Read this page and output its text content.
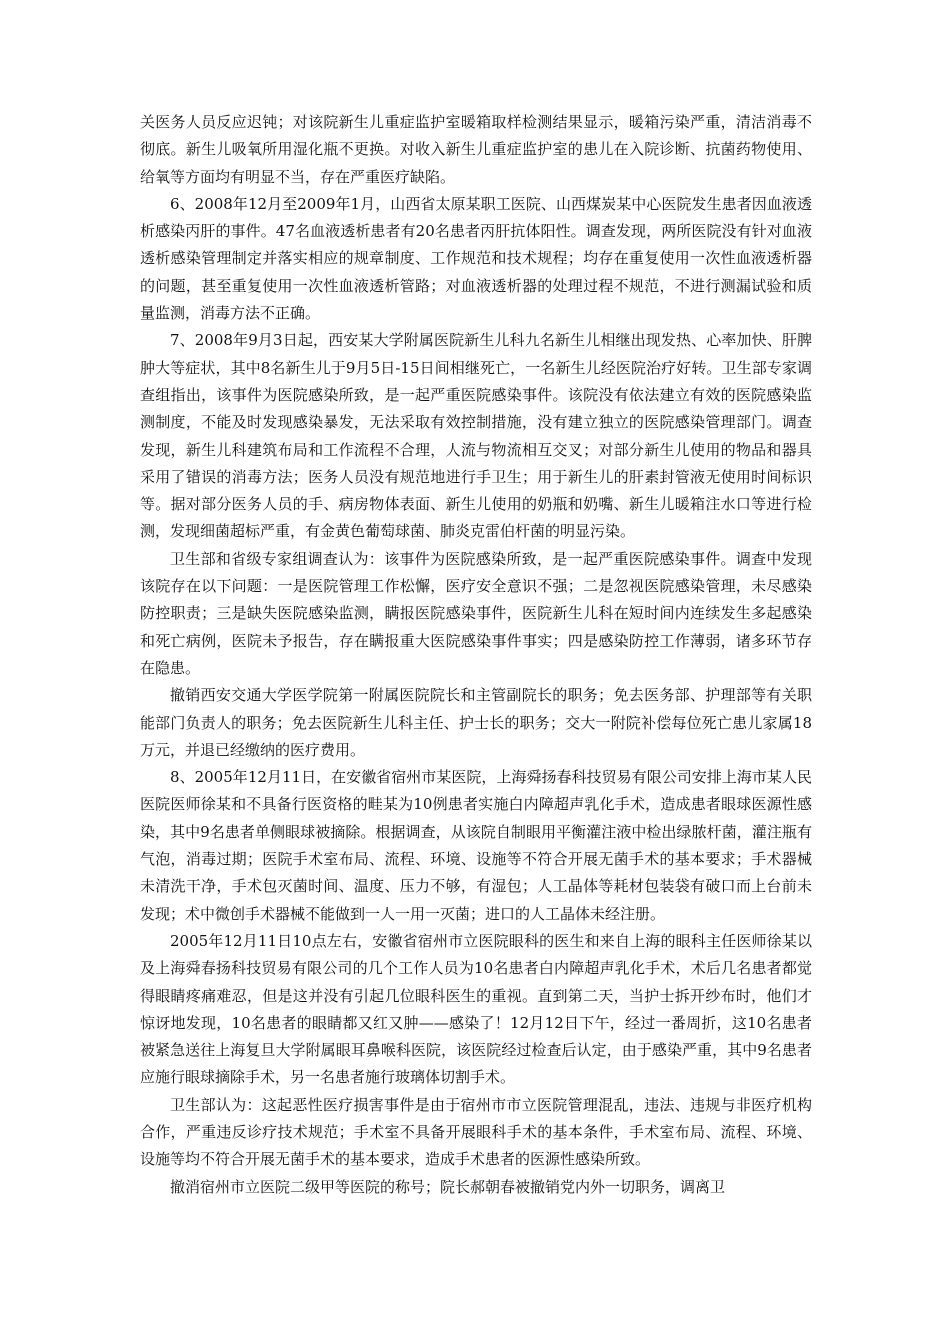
关医务人员反应迟钝；对该院新生儿重症监护室暖箱取样检测结果显示，暖箱污染严重，清洁消毒不彻底。新生儿吸氧所用湿化瓶不更换。对收入新生儿重症监护室的患儿在入院诊断、抗菌药物使用、给氧等方面均有明显不当，存在严重医疗缺陷。

6、2008年12月至2009年1月，山西省太原某职工医院、山西煤炭某中心医院发生患者因血液透析感染丙肝的事件。47名血液透析患者有20名患者丙肝抗体阳性。调查发现，两所医院没有针对血液透析感染管理制定并落实相应的规章制度、工作规范和技术规程；均存在重复使用一次性血液透析器的问题，甚至重复使用一次性血液透析管路；对血液透析器的处理过程不规范，不进行测漏试验和质量监测，消毒方法不正确。

7、2008年9月3日起，西安某大学附属医院新生儿科九名新生儿相继出现发热、心率加快、肝脾肿大等症状，其中8名新生儿于9月5日-15日间相继死亡，一名新生儿经医院治疗好转。卫生部专家调查组指出，该事件为医院感染所致，是一起严重医院感染事件。该院没有依法建立有效的医院感染监测制度，不能及时发现感染暴发，无法采取有效控制措施，没有建立独立的医院感染管理部门。调查发现，新生儿科建筑布局和工作流程不合理，人流与物流相互交叉；对部分新生儿使用的物品和器具采用了错误的消毒方法；医务人员没有规范地进行手卫生；用于新生儿的肝素封管液无使用时间标识等。据对部分医务人员的手、病房物体表面、新生儿使用的奶瓶和奶嘴、新生儿暖箱注水口等进行检测，发现细菌超标严重，有金黄色葡萄球菌、肺炎克雷伯杆菌的明显污染。

卫生部和省级专家组调查认为：该事件为医院感染所致，是一起严重医院感染事件。调查中发现该院存在以下问题：一是医院管理工作松懈，医疗安全意识不强；二是忽视医院感染管理，未尽感染防控职责；三是缺失医院感染监测，瞒报医院感染事件，医院新生儿科在短时间内连续发生多起感染和死亡病例，医院未予报告，存在瞒报重大医院感染事件事实；四是感染防控工作薄弱，诸多环节存在隐患。

撤销西安交通大学医学院第一附属医院院长和主管副院长的职务；免去医务部、护理部等有关职能部门负责人的职务；免去医院新生儿科主任、护士长的职务；交大一附院补偿每位死亡患儿家属18万元，并退已经缴纳的医疗费用。

8、2005年12月11日，在安徽省宿州市某医院，上海舜扬春科技贸易有限公司安排上海市某人民医院医师徐某和不具备行医资格的畦某为10例患者实施白内障超声乳化手术，造成患者眼球医源性感染，其中9名患者单侧眼球被摘除。根据调查，从该院自制眼用平衡灌注液中检出绿脓杆菌，灌注瓶有气泡，消毒过期；医院手术室布局、流程、环境、设施等不符合开展无菌手术的基本要求；手术器械未清洗干净，手术包灭菌时间、温度、压力不够，有湿包；人工晶体等耗材包装袋有破口而上台前未发现；术中微创手术器械不能做到一人一用一灭菌；进口的人工晶体未经注册。

2005年12月11日10点左右，安徽省宿州市立医院眼科的医生和来自上海的眼科主任医师徐某以及上海舜春扬科技贸易有限公司的几个工作人员为10名患者白内障超声乳化手术，术后几名患者都觉得眼睛疼痛难忍，但是这并没有引起几位眼科医生的重视。直到第二天，当护士拆开纱布时，他们才惊讶地发现，10名患者的眼睛都又红又肿——感染了！12月12日下午，经过一番周折，这10名患者被紧急送往上海复旦大学附属眼耳鼻喉科医院，该医院经过检查后认定，由于感染严重，其中9名患者应施行眼球摘除手术，另一名患者施行玻璃体切割手术。

卫生部认为：这起恶性医疗损害事件是由于宿州市市立医院管理混乱，违法、违规与非医疗机构合作，严重违反诊疗技术规范；手术室不具备开展眼科手术的基本条件，手术室布局、流程、环境、设施等均不符合开展无菌手术的基本要求，造成手术患者的医源性感染所致。

撤消宿州市立医院二级甲等医院的称号；院长郝朝春被撤销党内外一切职务，调离卫
